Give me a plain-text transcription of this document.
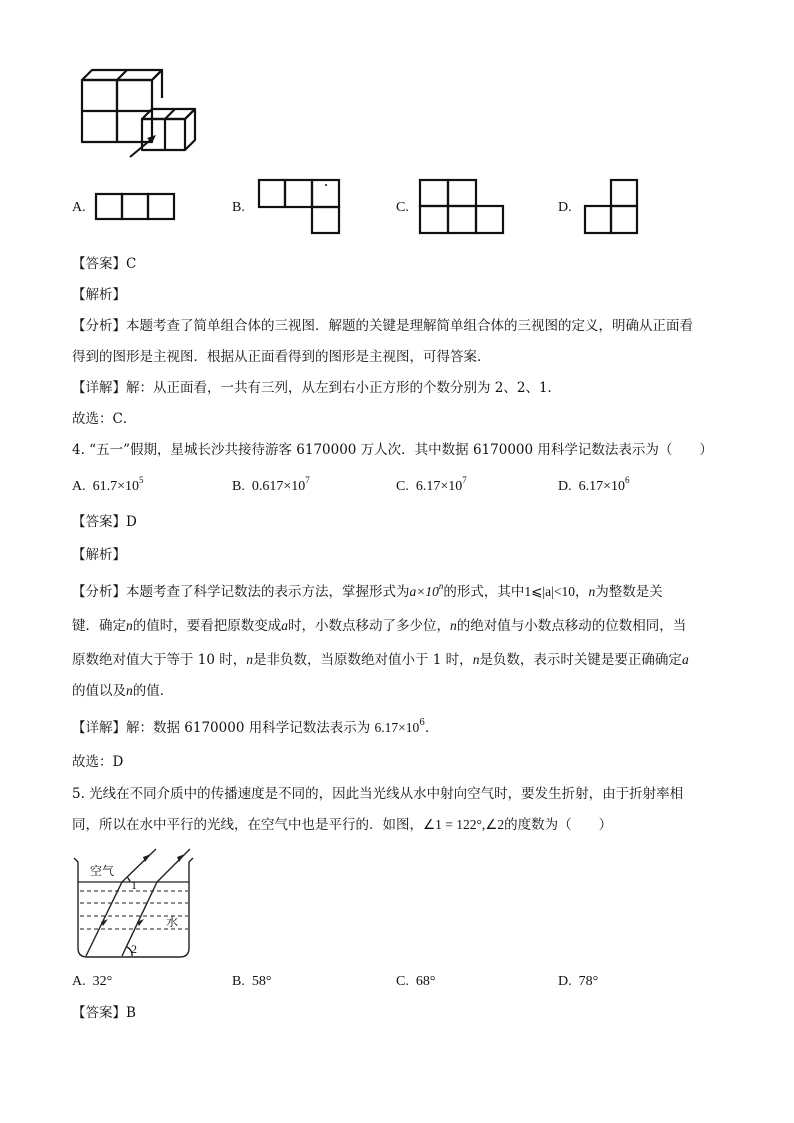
A.	B.	C.	D.
【答案】C
【解析】
【分析】本题考查了简单组合体的三视图．解题的关键是理解简单组合体的三视图的定义，明确从正面看
得到的图形是主视图．根据从正面看得到的图形是主视图，可得答案．
【详解】解：从正面看，一共有三列，从左到右小正方形的个数分别为 2、2、1．
故选：C．
4. “五一”假期，星城长沙共接待游客 6170000 万人次．其中数据 6170000 用科学记数法表示为（　　）
A. $61.7\times 10^5$	B. $0.617\times 10^7$	C. $6.17\times 10^7$	D. $6.17\times 10^6$
【答案】D
【解析】
【分析】本题考查了科学记数法的表示方法，掌握形式为$a\times 10^n$的形式，其中1⩽|a|<10，n为整数是关
键．确定n的值时，要看把原数变成a时，小数点移动了多少位，n的绝对值与小数点移动的位数相同，当
原数绝对值大于等于 10 时，n是非负数，当原数绝对值小于 1 时，n是负数，表示时关键是要正确确定a
的值以及n的值．
【详解】解：数据 6170000 用科学记数法表示为 $6.17\times 10^6$．
故选：D
5. 光线在不同介质中的传播速度是不同的，因此当光线从水中射向空气时，要发生折射，由于折射率相
同，所以在水中平行的光线，在空气中也是平行的．如图，∠1 = 122°,∠2的度数为（　　）
空气
水
1
2
A. 32°	B. 58°	C. 68°	D. 78°
【答案】B
